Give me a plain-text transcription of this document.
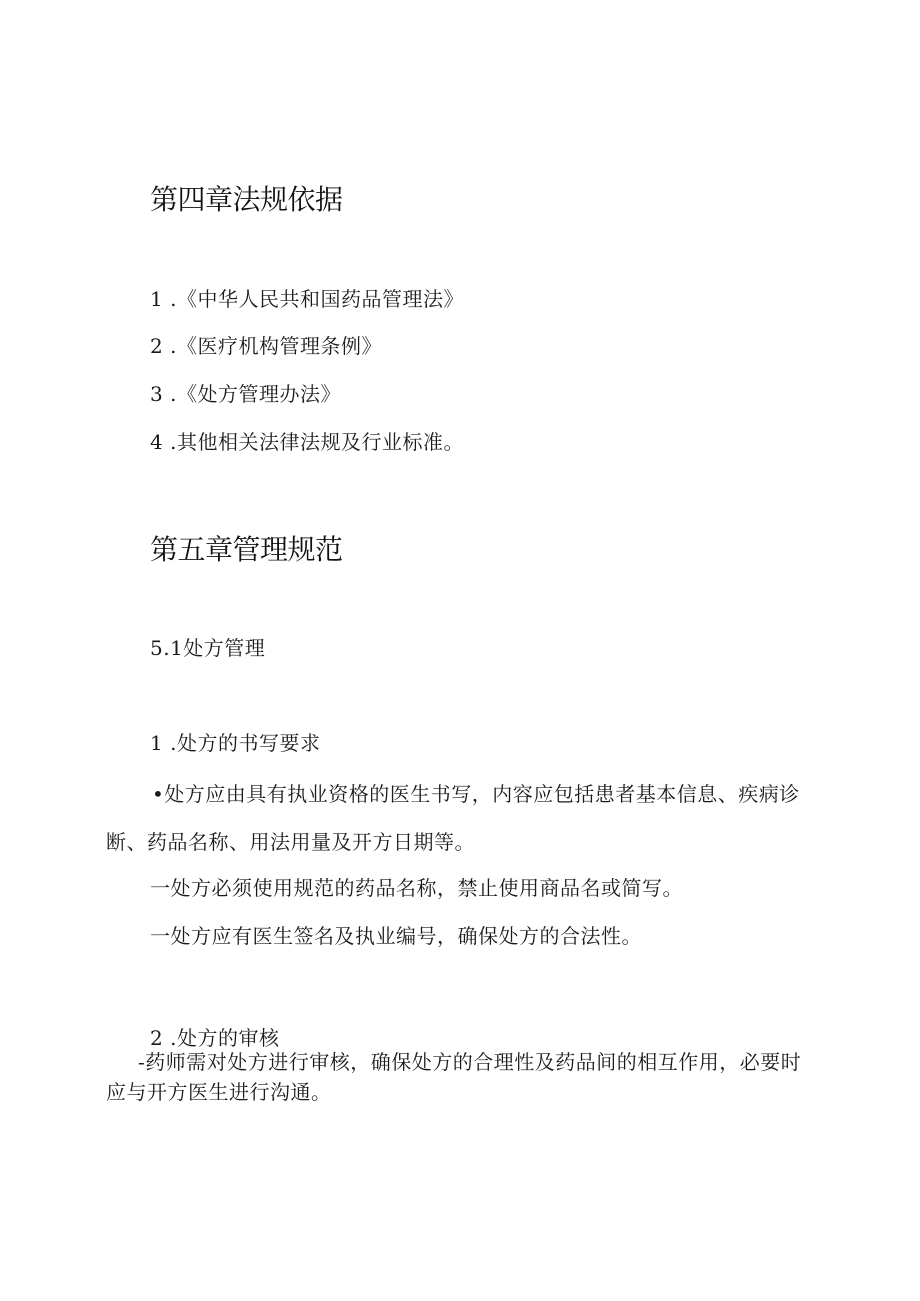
第四章法规依据
1 .《中华人民共和国药品管理法》
2 .《医疗机构管理条例》
3 .《处方管理办法》
4 .其他相关法律法规及行业标准。
第五章管理规范
5.1处方管理
1 .处方的书写要求
•处方应由具有执业资格的医生书写，内容应包括患者基本信息、疾病诊断、药品名称、用法用量及开方日期等。
一处方必须使用规范的药品名称，禁止使用商品名或简写。
一处方应有医生签名及执业编号，确保处方的合法性。
2 .处方的审核
-药师需对处方进行审核，确保处方的合理性及药品间的相互作用，必要时应与开方医生进行沟通。
